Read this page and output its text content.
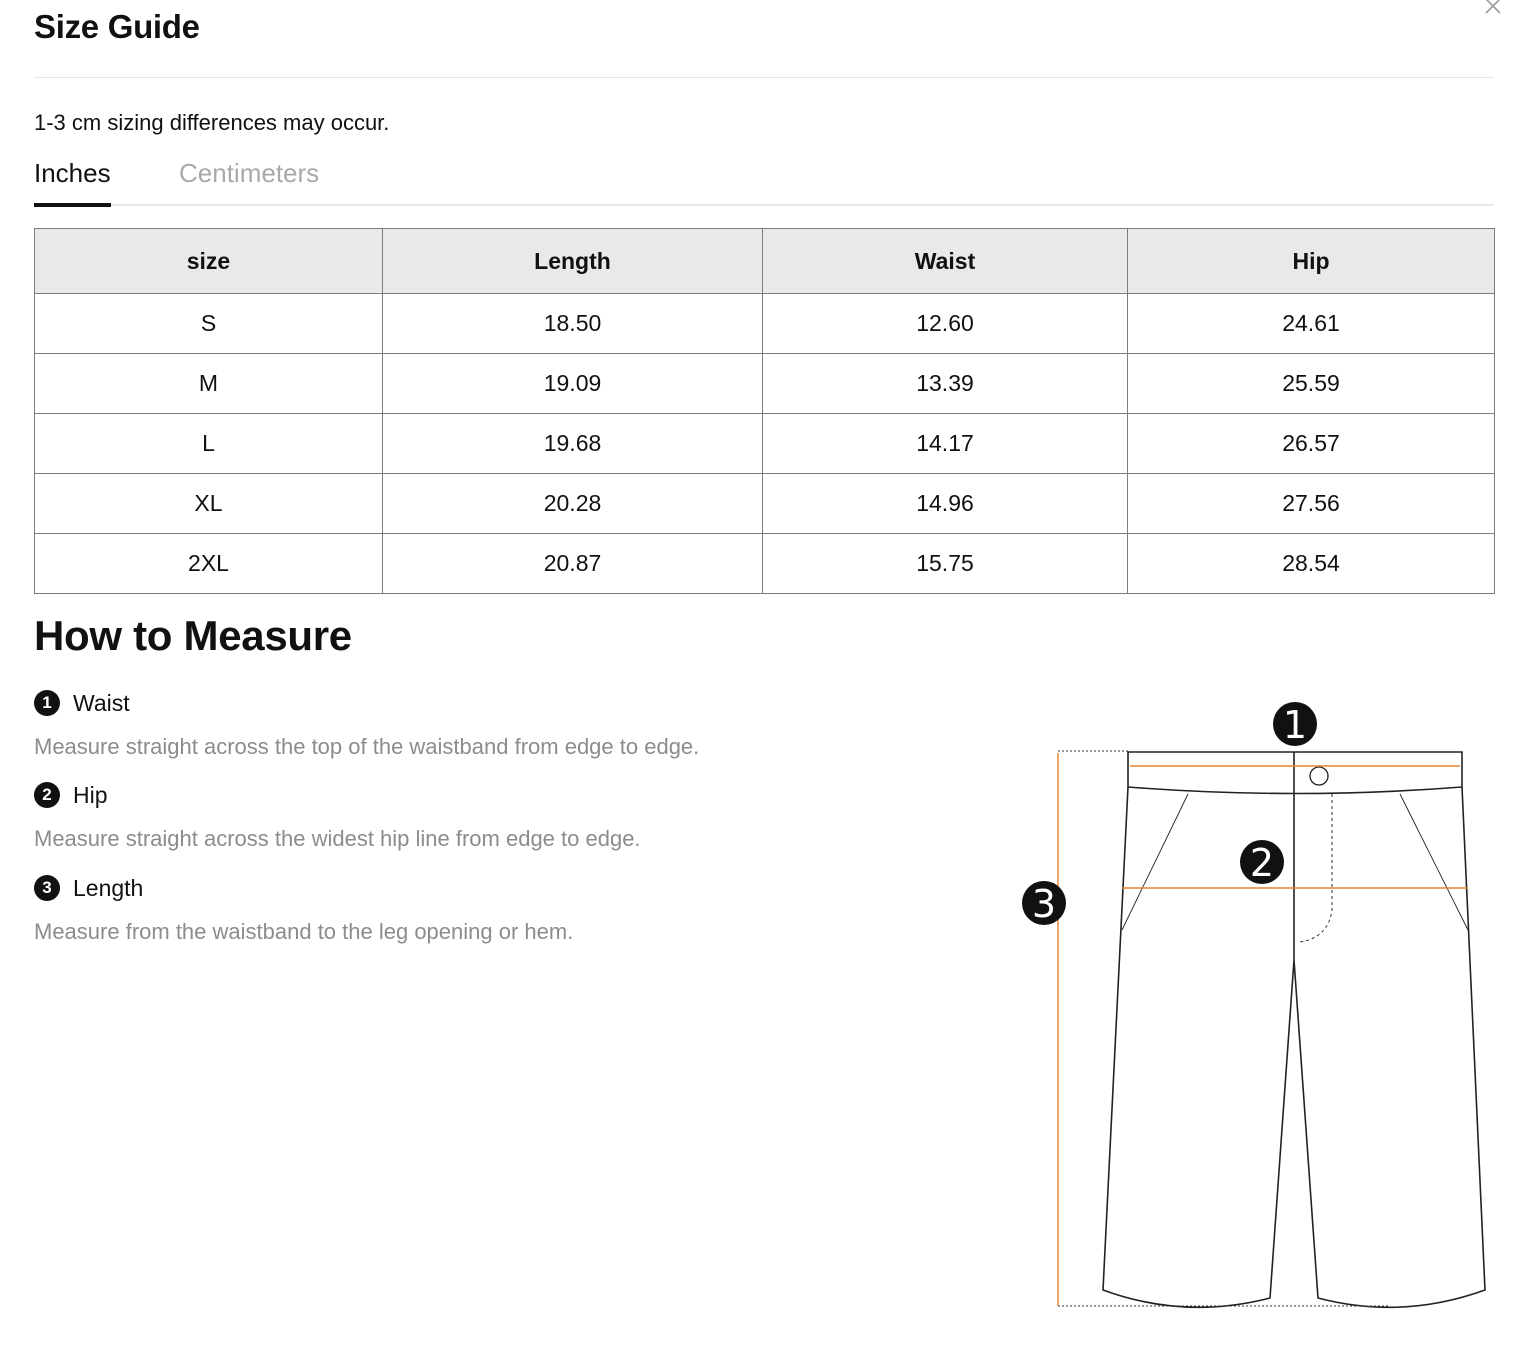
Size Guide
1-3 cm sizing differences may occur.
Inches	Centimeters
size	Length	Waist	Hip
S	18.50	12.60	24.61
M	19.09	13.39	25.59
L	19.68	14.17	26.57
XL	20.28	14.96	27.56
2XL	20.87	15.75	28.54
How to Measure
1 Waist
Measure straight across the top of the waistband from edge to edge.
2 Hip
Measure straight across the widest hip line from edge to edge.
3 Length
Measure from the waistband to the leg opening or hem.
1
2
3
